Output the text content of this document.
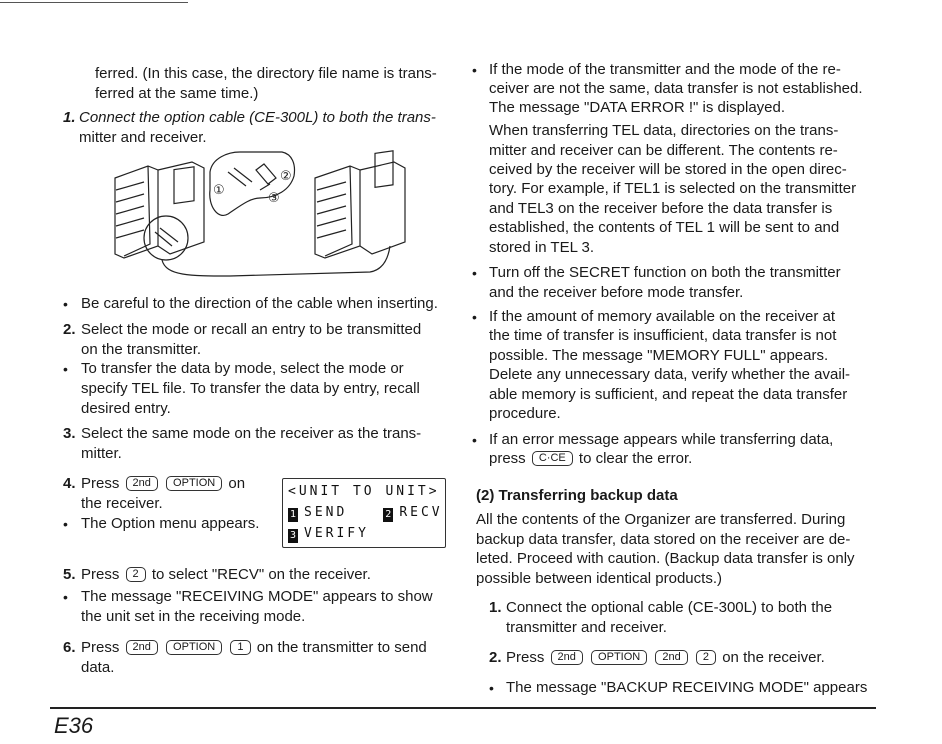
ferred. (In this case, the directory file name is trans-

ferred at the same time.)

1. Connect the option cable (CE-300L) to both the trans-

mitter and receiver.

①
②
③
• Be careful to the direction of the cable when inserting.

2. Select the mode or recall an entry to be transmitted

on the transmitter.

• To transfer the data by mode, select the mode or

specify TEL file. To transfer the data by entry, recall

desired entry.

3. Select the same mode on the receiver as the trans-

mitter.

4. Press 2nd OPTION on

the receiver.

• The Option menu appears.

<UNIT TO UNIT>
1 SEND	2 RECV
3 VERIFY
5. Press 2 to select "RECV" on the receiver.

• The message "RECEIVING MODE" appears to show

the unit set in the receiving mode.

6. Press 2nd OPTION 1 on the transmitter to send

data.

• If the mode of the transmitter and the mode of the re-

ceiver are not the same, data transfer is not established.

The message "DATA ERROR !" is displayed.

When transferring TEL data, directories on the trans-

mitter and receiver can be different. The contents re-

ceived by the receiver will be stored in the open direc-

tory. For example, if TEL1 is selected on the transmitter

and TEL3 on the receiver before the data transfer is

established, the contents of TEL 1 will be sent to and

stored in TEL 3.

• Turn off the SECRET function on both the transmitter

and the receiver before mode transfer.

• If the amount of memory available on the receiver at

the time of transfer is insufficient, data transfer is not

possible. The message "MEMORY FULL" appears.

Delete any unnecessary data, verify whether the avail-

able memory is sufficient, and repeat the data transfer

procedure.

• If an error message appears while transferring data,

press C·CE to clear the error.

(2) Transferring backup data

All the contents of the Organizer are transferred. During

backup data transfer, data stored on the receiver are de-

leted. Proceed with caution. (Backup data transfer is only

possible between identical products.)

1. Connect the optional cable (CE-300L) to both the

transmitter and receiver.

2. Press 2nd OPTION 2nd 2 on the receiver.

• The message "BACKUP RECEIVING MODE" appears

E36
